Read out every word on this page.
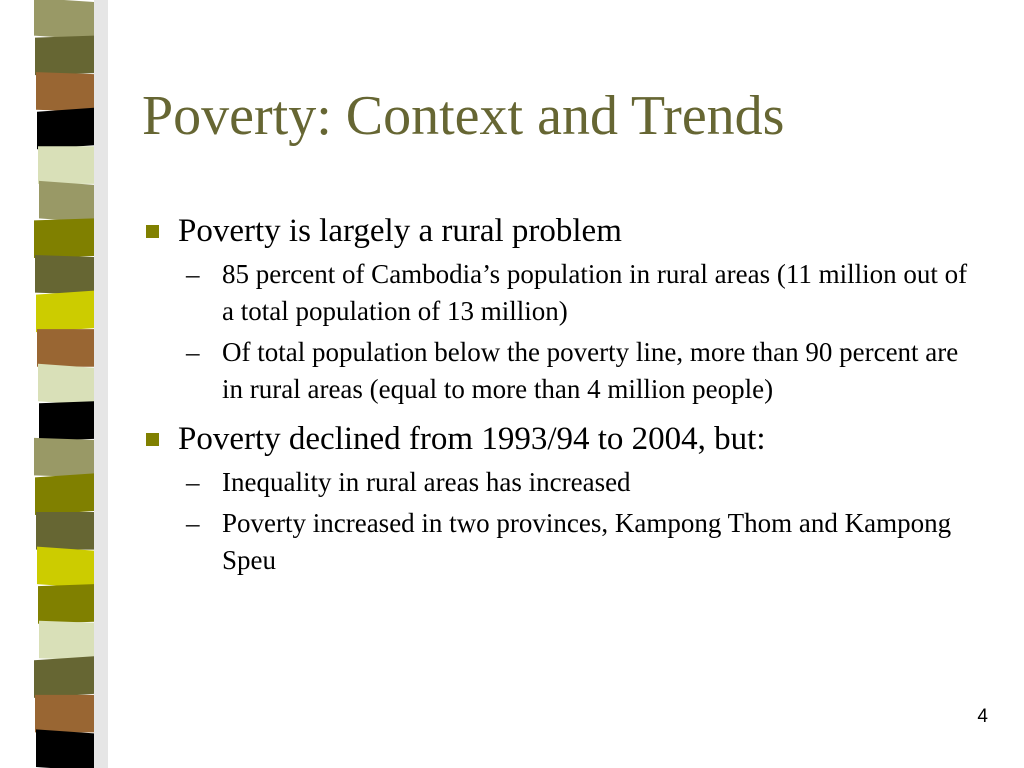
Poverty: Context and Trends
Poverty is largely a rural problem
– 85 percent of Cambodia’s population in rural areas (11 million out of a total population of 13 million)
– Of total population below the poverty line, more than 90 percent are in rural areas (equal to more than 4 million people)
Poverty declined from 1993/94 to 2004, but:
– Inequality in rural areas has increased
– Poverty increased in two provinces, Kampong Thom and Kampong Speu
4
